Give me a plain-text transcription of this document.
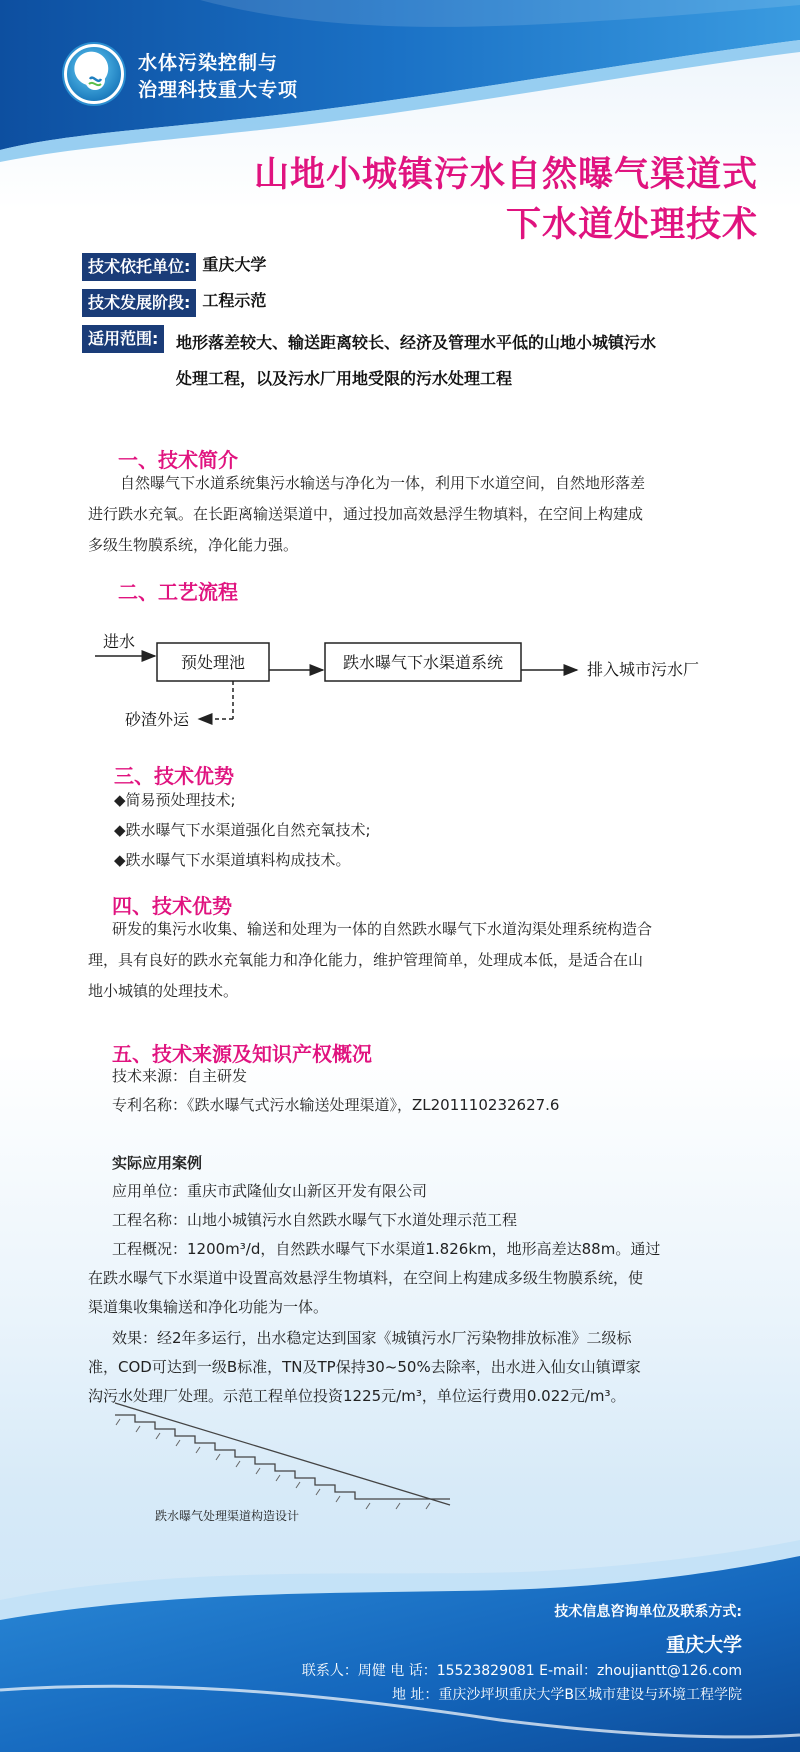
水体污染控制与
治理科技重大专项
山地小城镇污水自然曝气渠道式
下水道处理技术
技术依托单位: 重庆大学
技术发展阶段: 工程示范
适用范围:	地形落差较大、输送距离较长、经济及管理水平低的山地小城镇污水
处理工程，以及污水厂用地受限的污水处理工程
一、技术简介
自然曝气下水道系统集污水输送与净化为一体，利用下水道空间，自然地形落差
进行跌水充氧。在长距离输送渠道中，通过投加高效悬浮生物填料，在空间上构建成
多级生物膜系统，净化能力强。
二、工艺流程
进水
预处理池	跌水曝气下水渠道系统	排入城市污水厂
砂渣外运
三、技术优势
◆简易预处理技术;
◆跌水曝气下水渠道强化自然充氧技术;
◆跌水曝气下水渠道填料构成技术。
四、技术优势
研发的集污水收集、输送和处理为一体的自然跌水曝气下水道沟渠处理系统构造合
理，具有良好的跌水充氧能力和净化能力，维护管理简单，处理成本低，是适合在山
地小城镇的处理技术。
五、技术来源及知识产权概况
技术来源：自主研发
专利名称：《跌水曝气式污水输送处理渠道》，ZL201110232627.6
实际应用案例
应用单位：重庆市武隆仙女山新区开发有限公司
工程名称：山地小城镇污水自然跌水曝气下水道处理示范工程
工程概况：1200m³/d，自然跌水曝气下水渠道1.826km，地形高差达88m。通过
在跌水曝气下水渠道中设置高效悬浮生物填料，在空间上构建成多级生物膜系统，使
渠道集收集输送和净化功能为一体。
效果：经2年多运行，出水稳定达到国家《城镇污水厂污染物排放标准》二级标
准，COD可达到一级B标准，TN及TP保持30~50%去除率，出水进入仙女山镇谭家
沟污水处理厂处理。示范工程单位投资1225元/m³，单位运行费用0.022元/m³。
跌水曝气处理渠道构造设计
技术信息咨询单位及联系方式:
重庆大学
联系人：周健 电 话：15523829081 E-mail：zhoujiantt@126.com
地 址：重庆沙坪坝重庆大学B区城市建设与环境工程学院
